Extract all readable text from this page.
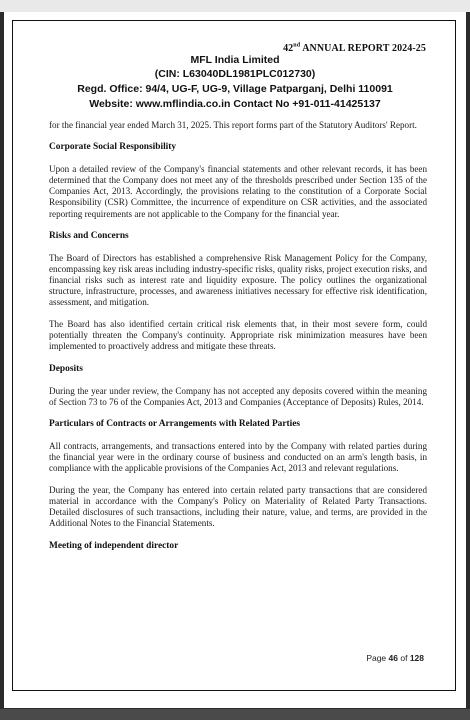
42nd ANNUAL REPORT 2024-25
MFL India Limited
(CIN: L63040DL1981PLC012730)
Regd. Office: 94/4, UG-F, UG-9, Village Patparganj, Delhi 110091
Website: www.mflindia.co.in Contact No +91-011-41425137

for the financial year ended March 31, 2025. This report forms part of the Statutory Auditors' Report.

Corporate Social Responsibility

Upon a detailed review of the Company's financial statements and other relevant records, it has been determined that the Company does not meet any of the thresholds prescribed under Section 135 of the Companies Act, 2013. Accordingly, the provisions relating to the constitution of a Corporate Social Responsibility (CSR) Committee, the incurrence of expenditure on CSR activities, and the associated reporting requirements are not applicable to the Company for the financial year.

Risks and Concerns

The Board of Directors has established a comprehensive Risk Management Policy for the Company, encompassing key risk areas including industry-specific risks, quality risks, project execution risks, and financial risks such as interest rate and liquidity exposure. The policy outlines the organizational structure, infrastructure, processes, and awareness initiatives necessary for effective risk identification, assessment, and mitigation.

The Board has also identified certain critical risk elements that, in their most severe form, could potentially threaten the Company's continuity. Appropriate risk minimization measures have been implemented to proactively address and mitigate these threats.

Deposits

During the year under review, the Company has not accepted any deposits covered within the meaning of Section 73 to 76 of the Companies Act, 2013 and Companies (Acceptance of Deposits) Rules, 2014.

Particulars of Contracts or Arrangements with Related Parties

All contracts, arrangements, and transactions entered into by the Company with related parties during the financial year were in the ordinary course of business and conducted on an arm's length basis, in compliance with the applicable provisions of the Companies Act, 2013 and relevant regulations.

During the year, the Company has entered into certain related party transactions that are considered material in accordance with the Company's Policy on Materiality of Related Party Transactions. Detailed disclosures of such transactions, including their nature, value, and terms, are provided in the Additional Notes to the Financial Statements.

Meeting of independent director
Page 46 of 128
